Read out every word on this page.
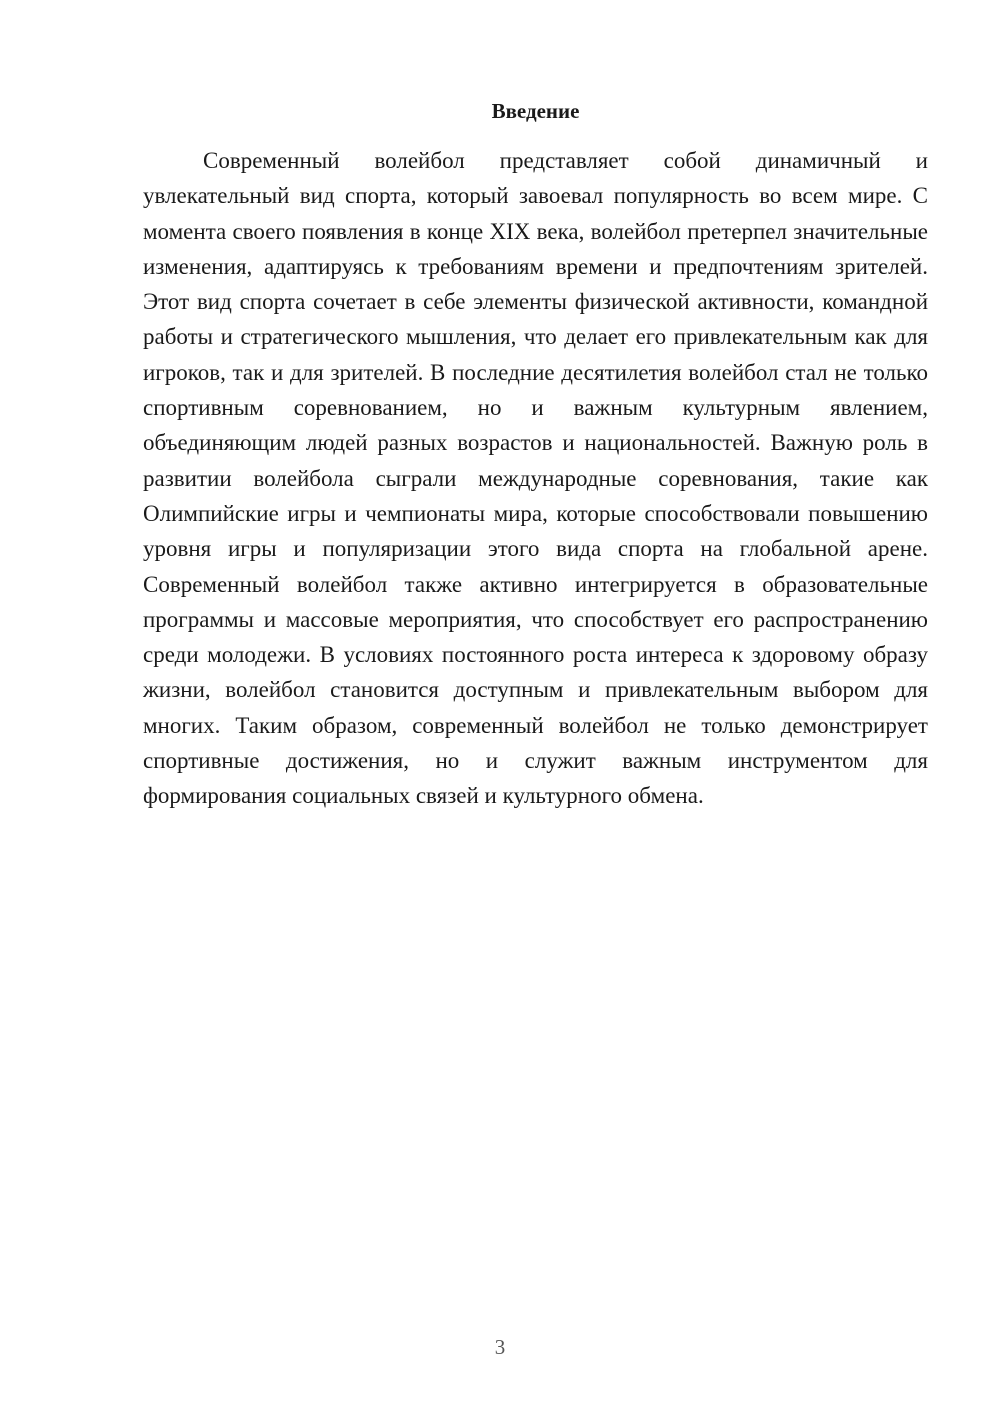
Введение

Современный волейбол представляет собой динамичный и увлекательный вид спорта, который завоевал популярность во всем мире. С момента своего появления в конце XIX века, волейбол претерпел значительные изменения, адаптируясь к требованиям времени и предпочтениям зрителей. Этот вид спорта сочетает в себе элементы физической активности, командной работы и стратегического мышления, что делает его привлекательным как для игроков, так и для зрителей. В последние десятилетия волейбол стал не только спортивным соревнованием, но и важным культурным явлением, объединяющим людей разных возрастов и национальностей. Важную роль в развитии волейбола сыграли международные соревнования, такие как Олимпийские игры и чемпионаты мира, которые способствовали повышению уровня игры и популяризации этого вида спорта на глобальной арене. Современный волейбол также активно интегрируется в образовательные программы и массовые мероприятия, что способствует его распространению среди молодежи. В условиях постоянного роста интереса к здоровому образу жизни, волейбол становится доступным и привлекательным выбором для многих. Таким образом, современный волейбол не только демонстрирует спортивные достижения, но и служит важным инструментом для формирования социальных связей и культурного обмена.

3
